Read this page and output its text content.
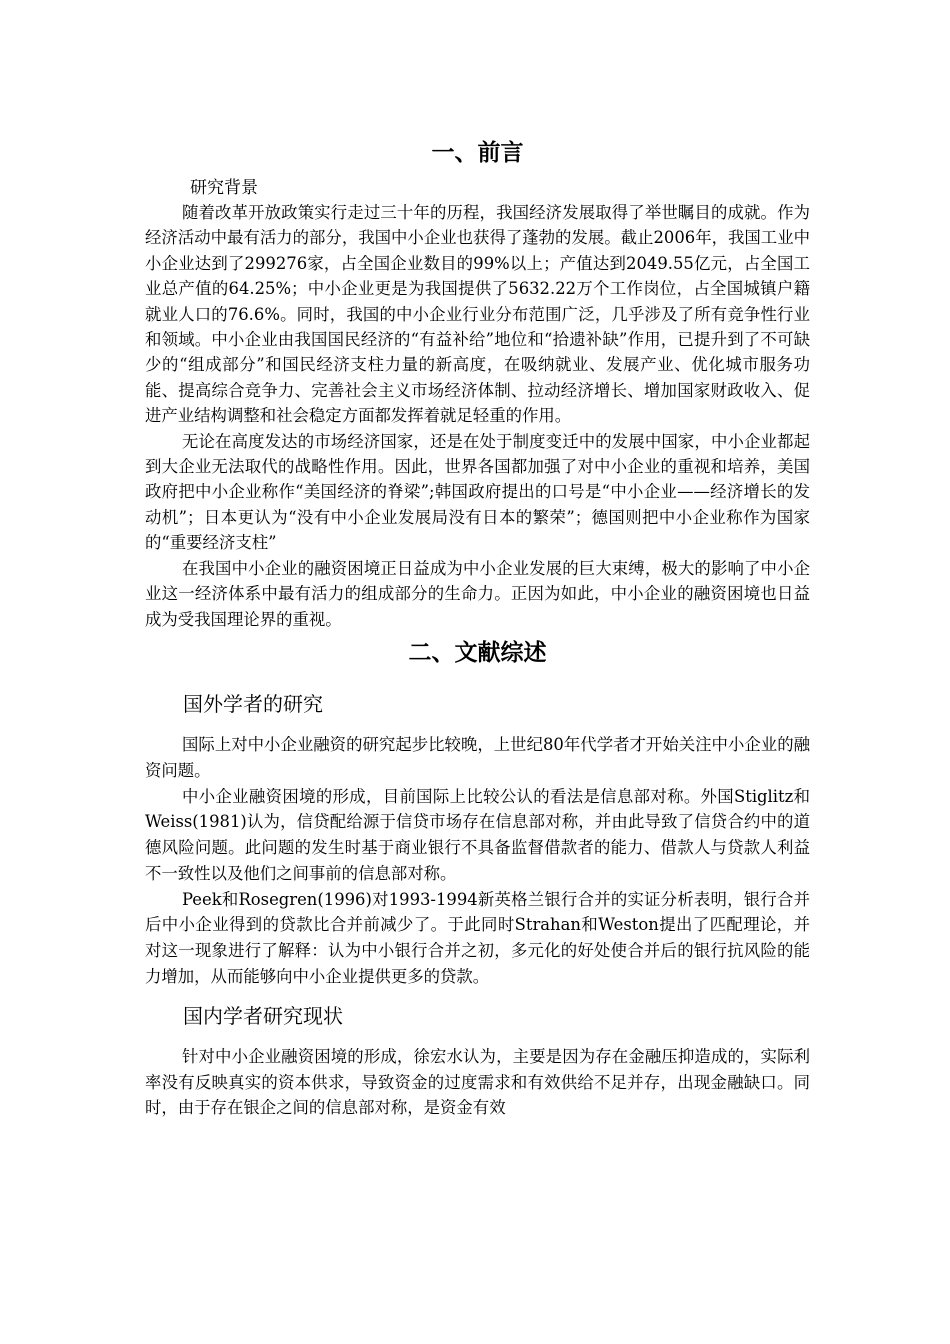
一、前言
研究背景

随着改革开放政策实行走过三十年的历程，我国经济发展取得了举世瞩目的成就。作为经济活动中最有活力的部分，我国中小企业也获得了蓬勃的发展。截止2006年，我国工业中小企业达到了299276家，占全国企业数目的99%以上；产值达到2049.55亿元，占全国工业总产值的64.25%；中小企业更是为我国提供了5632.22万个工作岗位，占全国城镇户籍就业人口的76.6%。同时，我国的中小企业行业分布范围广泛，几乎涉及了所有竞争性行业和领域。中小企业由我国国民经济的“有益补给”地位和“拾遗补缺”作用，已提升到了不可缺少的“组成部分”和国民经济支柱力量的新高度，在吸纳就业、发展产业、优化城市服务功能、提高综合竞争力、完善社会主义市场经济体制、拉动经济增长、增加国家财政收入、促进产业结构调整和社会稳定方面都发挥着就足轻重的作用。

无论在高度发达的市场经济国家，还是在处于制度变迁中的发展中国家，中小企业都起到大企业无法取代的战略性作用。因此，世界各国都加强了对中小企业的重视和培养，美国政府把中小企业称作“美国经济的脊梁”;韩国政府提出的口号是“中小企业——经济增长的发动机”；日本更认为“没有中小企业发展局没有日本的繁荣”；德国则把中小企业称作为国家的“重要经济支柱”

在我国中小企业的融资困境正日益成为中小企业发展的巨大束缚，极大的影响了中小企业这一经济体系中最有活力的组成部分的生命力。正因为如此，中小企业的融资困境也日益成为受我国理论界的重视。

二、文献综述
国外学者的研究

国际上对中小企业融资的研究起步比较晚，上世纪80年代学者才开始关注中小企业的融资问题。

中小企业融资困境的形成，目前国际上比较公认的看法是信息部对称。外国Stiglitz和Weiss(1981)认为，信贷配给源于信贷市场存在信息部对称，并由此导致了信贷合约中的道德风险问题。此问题的发生时基于商业银行不具备监督借款者的能力、借款人与贷款人利益不一致性以及他们之间事前的信息部对称。

Peek和Rosegren(1996)对1993-1994新英格兰银行合并的实证分析表明，银行合并后中小企业得到的贷款比合并前减少了。于此同时Strahan和Weston提出了匹配理论，并对这一现象进行了解释：认为中小银行合并之初，多元化的好处使合并后的银行抗风险的能力增加，从而能够向中小企业提供更多的贷款。

国内学者研究现状

针对中小企业融资困境的形成，徐宏水认为，主要是因为存在金融压抑造成的，实际利率没有反映真实的资本供求，导致资金的过度需求和有效供给不足并存，出现金融缺口。同时，由于存在银企之间的信息部对称，是资金有效
